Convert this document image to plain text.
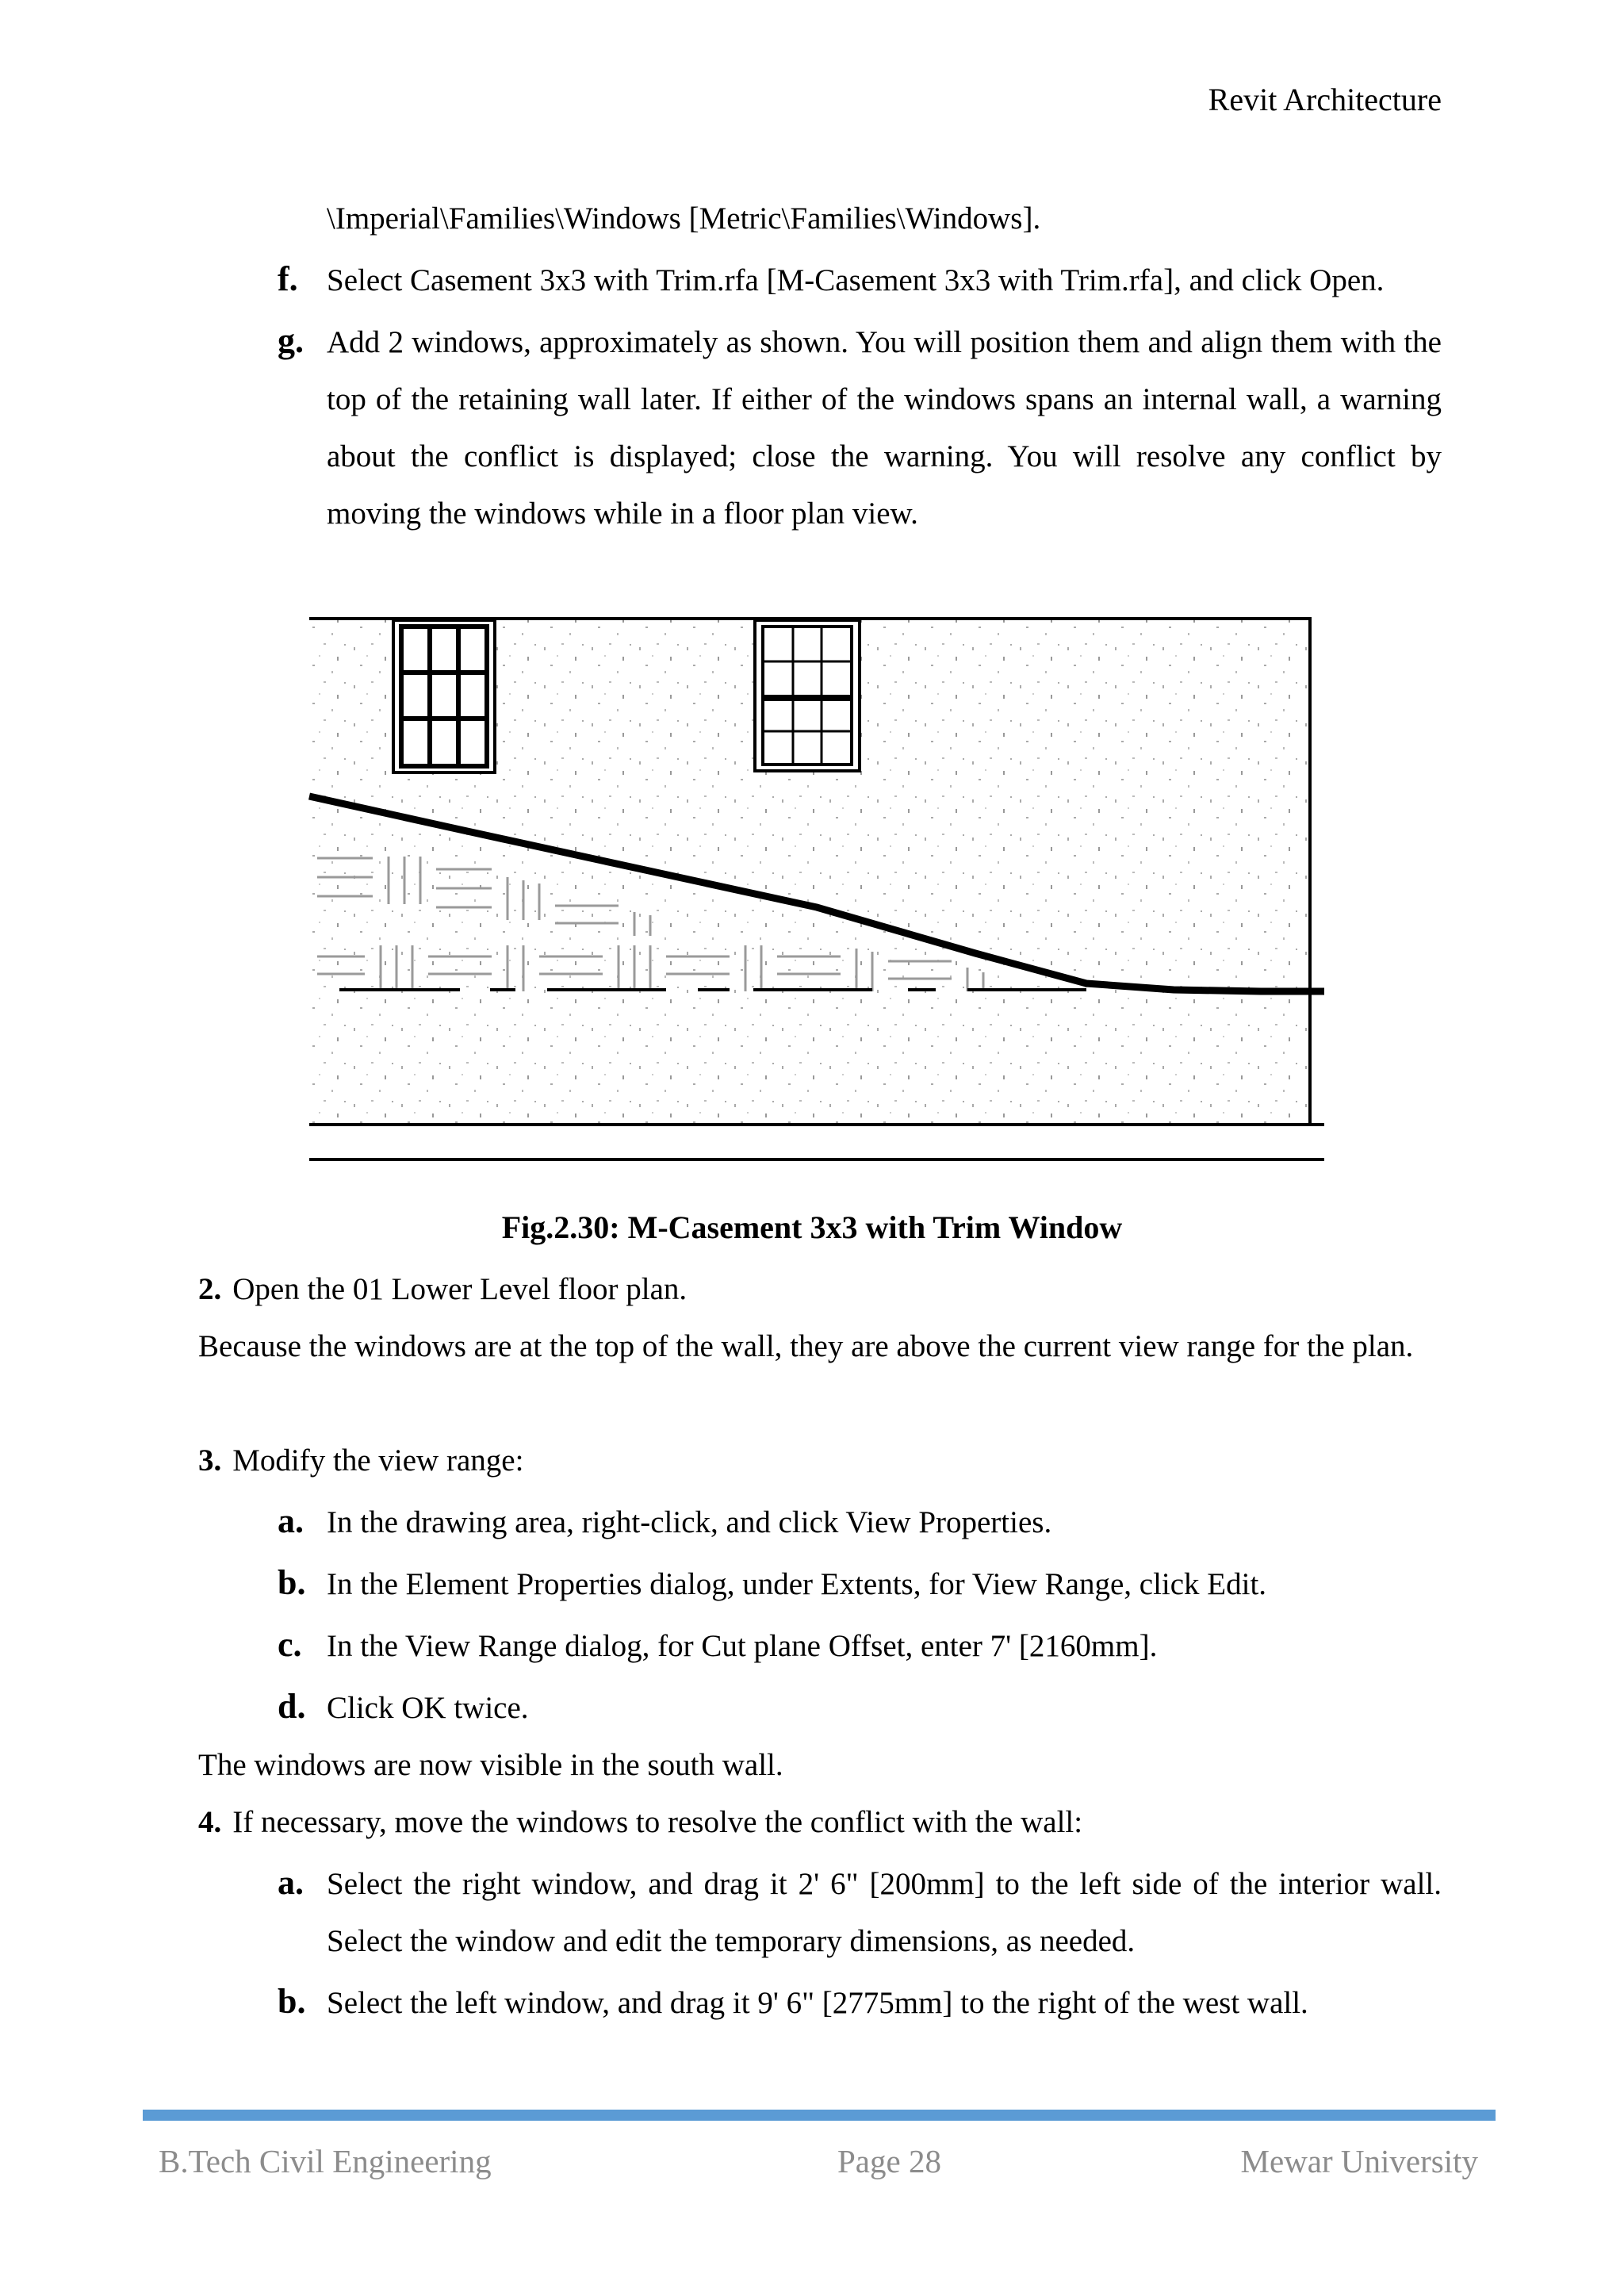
Revit Architecture
\Imperial\Families\Windows [Metric\Families\Windows].
f. Select Casement 3x3 with Trim.rfa [M-Casement 3x3 with Trim.rfa], and click Open.
g. Add 2 windows, approximately as shown. You will position them and align them with the top of the retaining wall later. If either of the windows spans an internal wall, a warning about the conflict is displayed; close the warning. You will resolve any conflict by moving the windows while in a floor plan view.
Fig.2.30: M-Casement 3x3 with Trim Window
2. Open the 01 Lower Level floor plan.
Because the windows are at the top of the wall, they are above the current view range for the plan.
3. Modify the view range:
a. In the drawing area, right-click, and click View Properties.
b. In the Element Properties dialog, under Extents, for View Range, click Edit.
c. In the View Range dialog, for Cut plane Offset, enter 7' [2160mm].
d. Click OK twice.
The windows are now visible in the south wall.
4. If necessary, move the windows to resolve the conflict with the wall:
a. Select the right window, and drag it 2' 6" [200mm] to the left side of the interior wall. Select the window and edit the temporary dimensions, as needed.
b. Select the left window, and drag it 9' 6" [2775mm] to the right of the west wall.
B.Tech Civil Engineering	Page 28	Mewar University
